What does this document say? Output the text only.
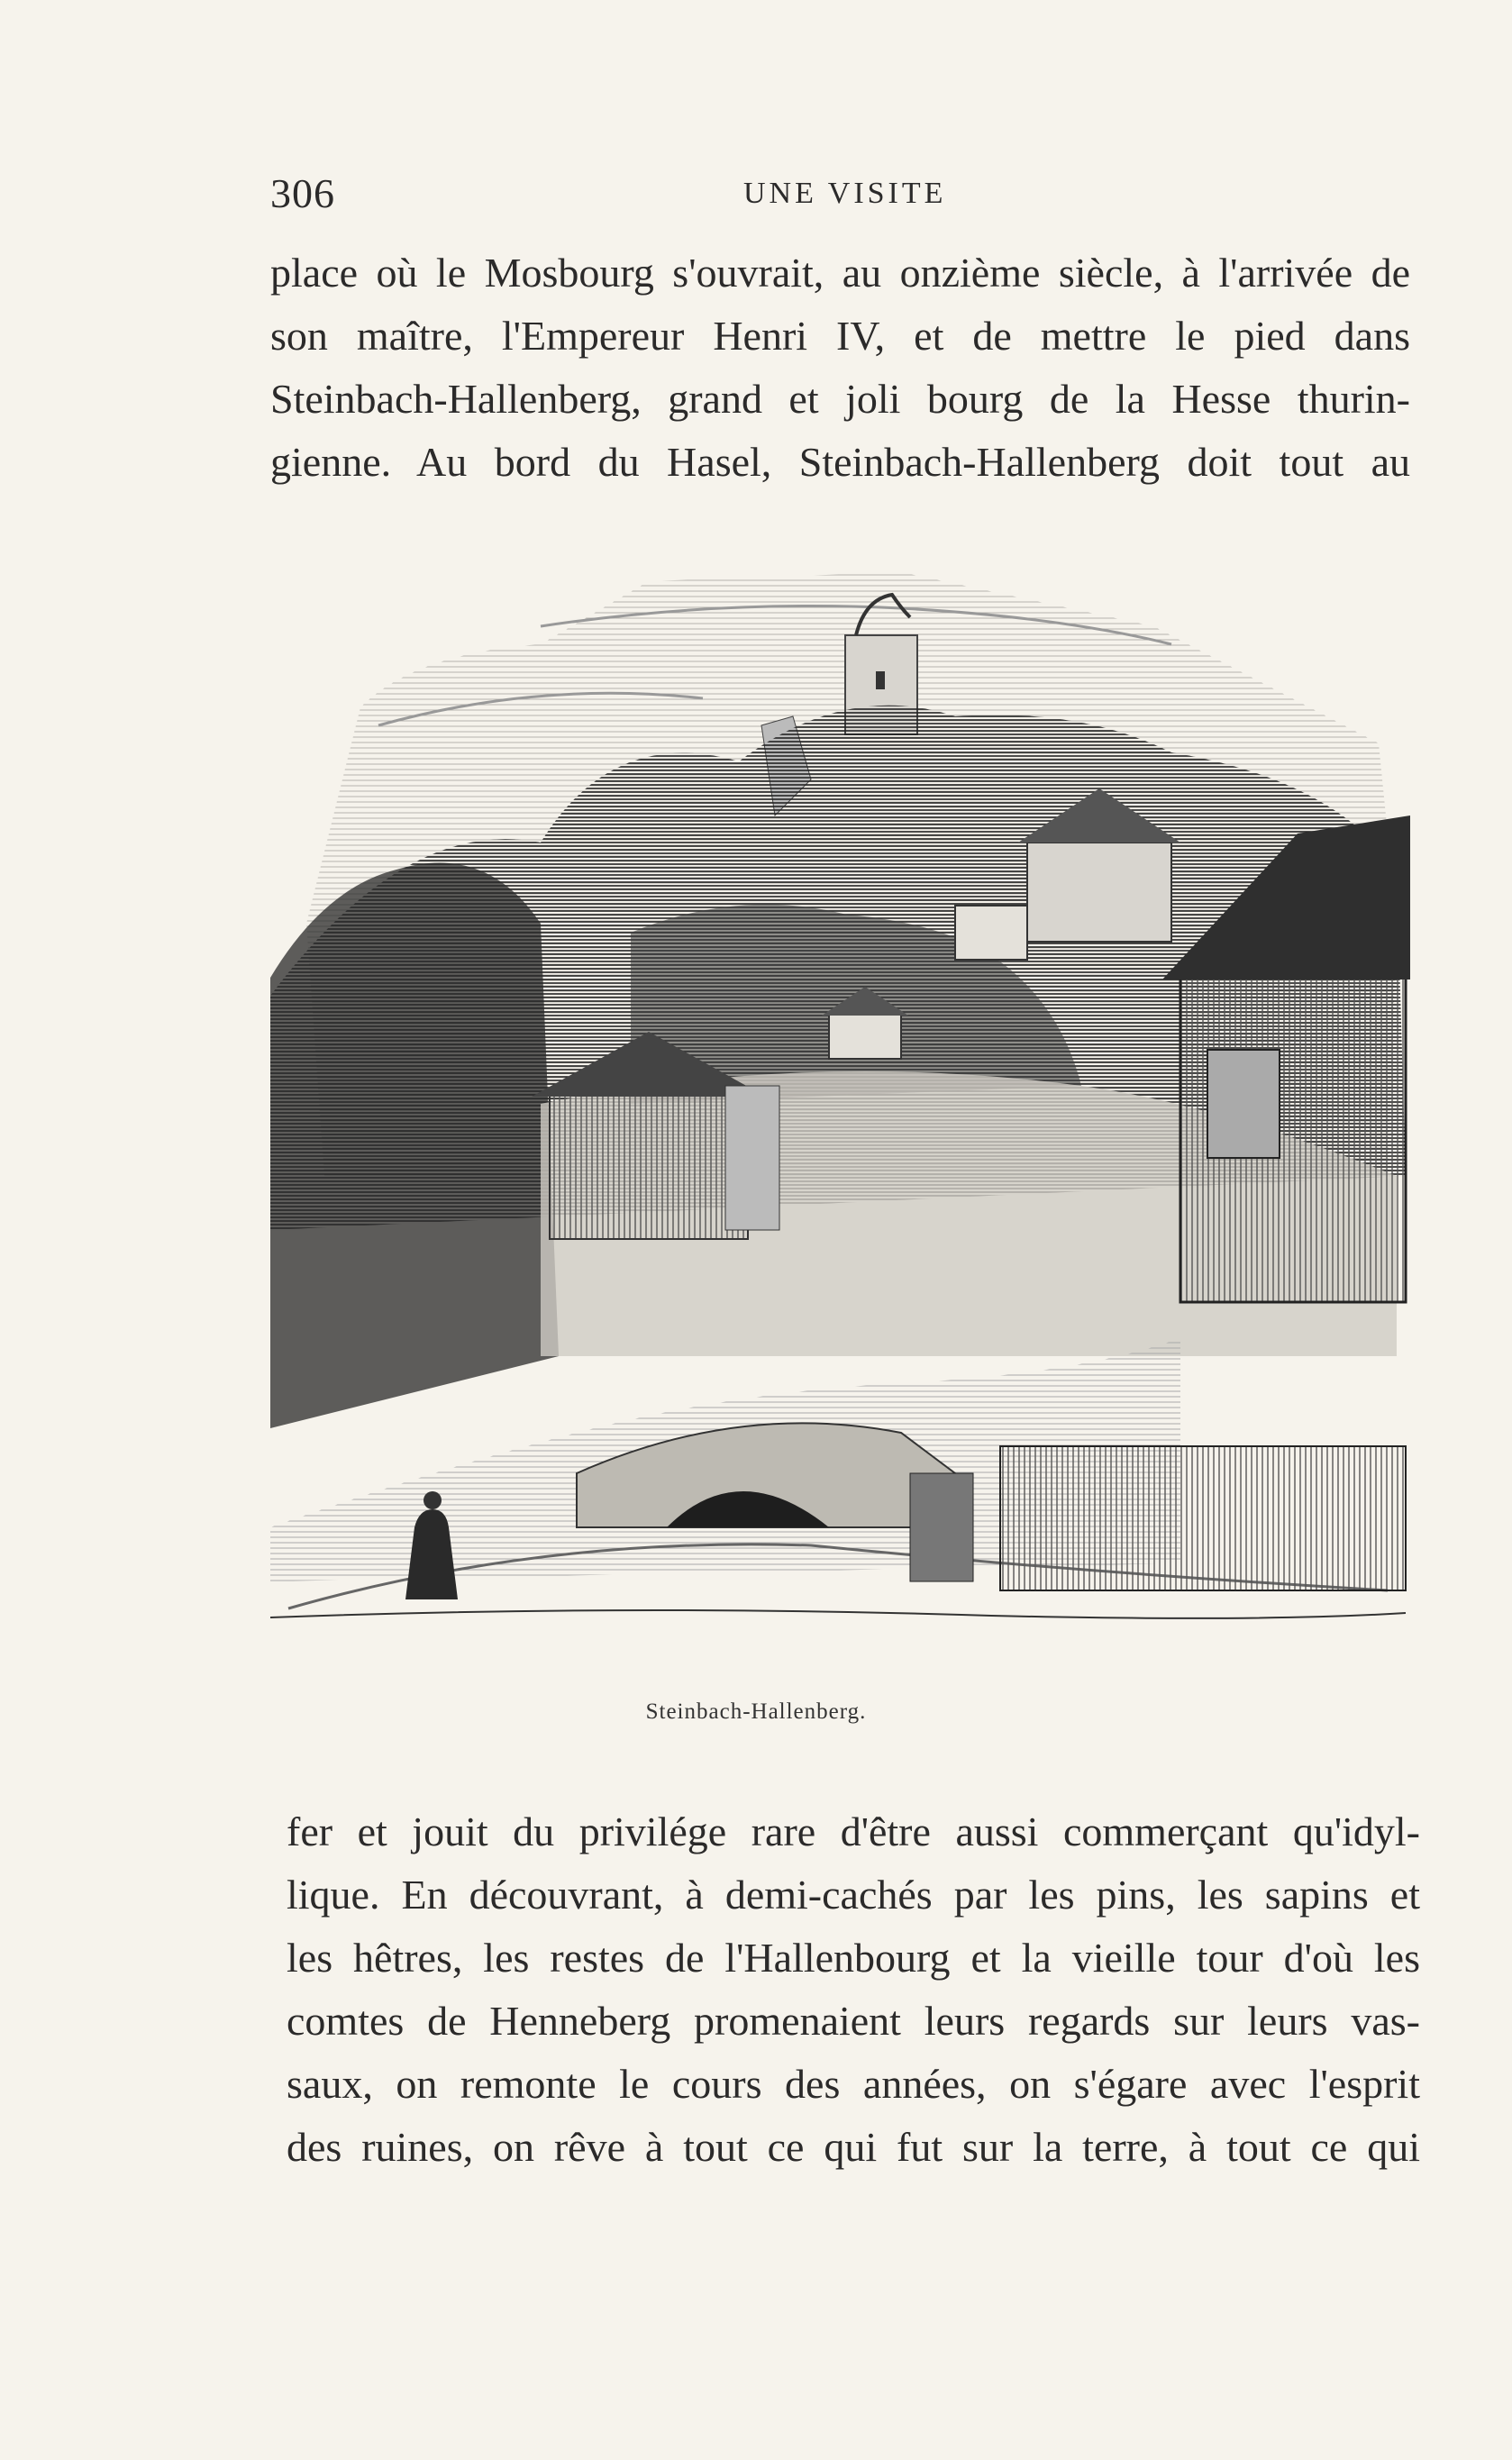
306	UNE VISITE
place où le Mosbourg s'ouvrait, au onzième siècle, à l'arrivée de
son maître, l'Empereur Henri IV, et de mettre le pied dans
Steinbach-Hallenberg, grand et joli bourg de la Hesse thurin-
gienne. Au bord du Hasel, Steinbach-Hallenberg doit tout au
Steinbach-Hallenberg.
fer et jouit du privilége rare d'être aussi commerçant qu'idyl-
lique. En découvrant, à demi-cachés par les pins, les sapins et
les hêtres, les restes de l'Hallenbourg et la vieille tour d'où les
comtes de Henneberg promenaient leurs regards sur leurs vas-
saux, on remonte le cours des années, on s'égare avec l'esprit
des ruines, on rêve à tout ce qui fut sur la terre, à tout ce qui
